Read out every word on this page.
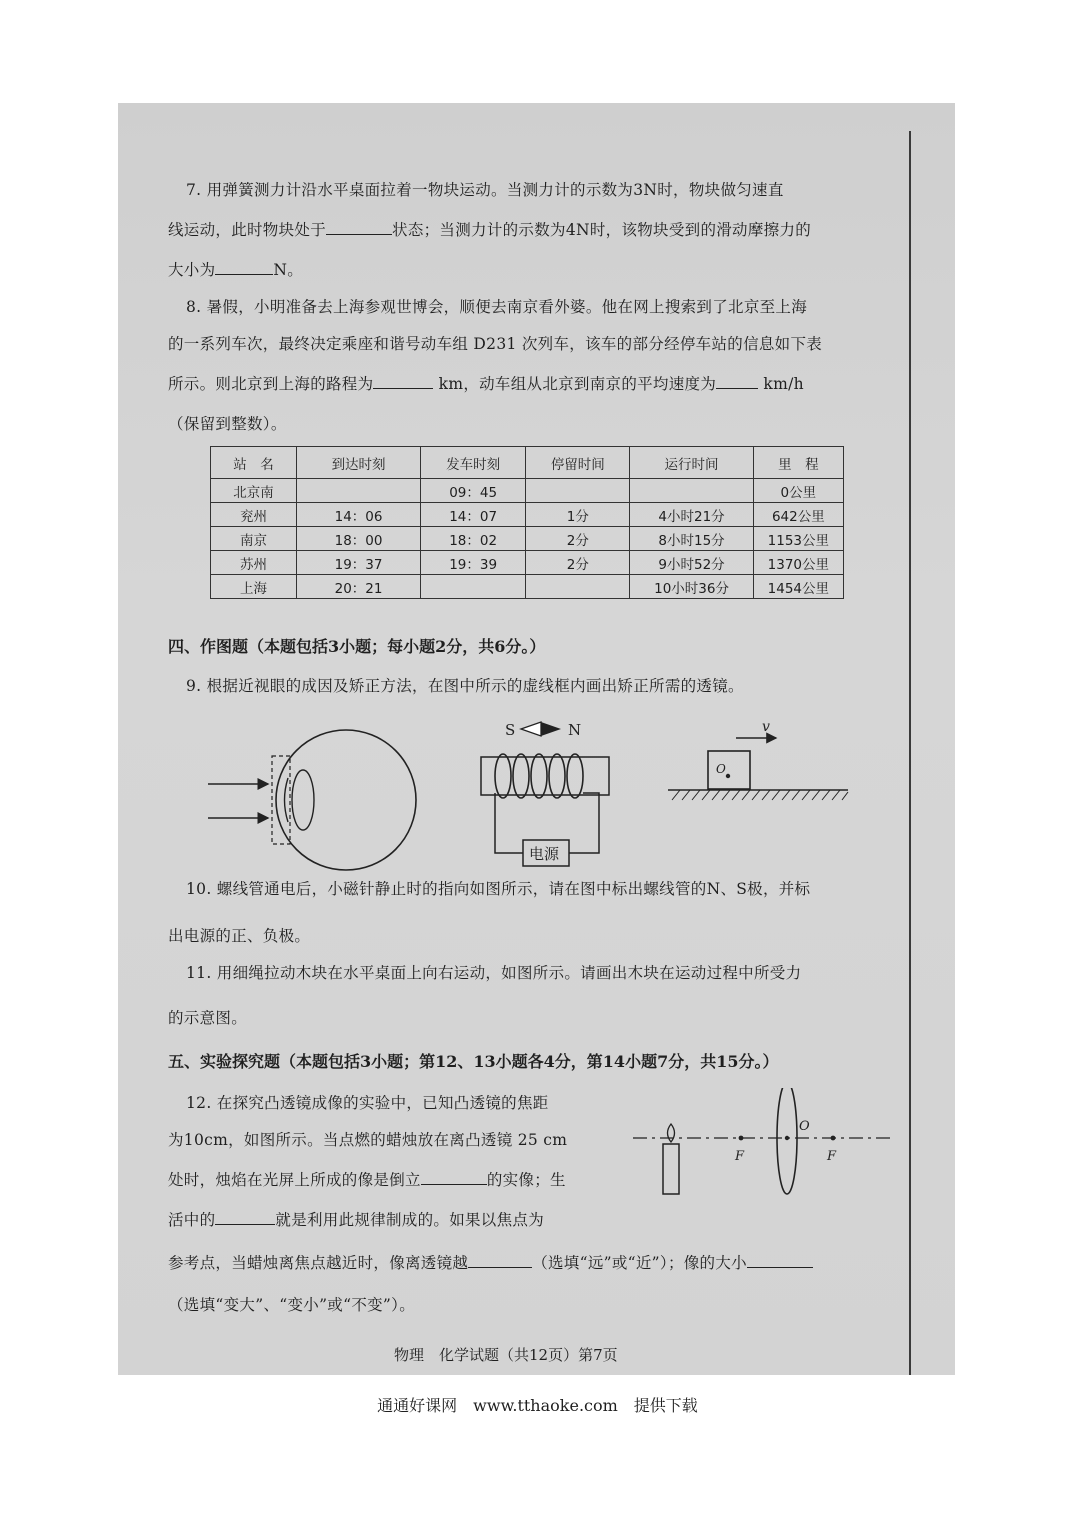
7. 用弹簧测力计沿水平桌面拉着一物块运动。当测力计的示数为3N时，物块做匀速直
线运动，此时物块处于	状态；当测力计的示数为4N时，该物块受到的滑动摩擦力的
大小为	N。
8. 暑假，小明准备去上海参观世博会，顺便去南京看外婆。他在网上搜索到了北京至上海
的一系列车次，最终决定乘座和谐号动车组 D231 次列车，该车的部分经停车站的信息如下表
所示。则北京到上海的路程为	km，动车组从北京到南京的平均速度为	km/h
（保留到整数）。
站　名	到达时刻	发车时刻	停留时间	运行时间	里　程
北京南		09：45			0公里
兖州	14：06	14：07	1分	4小时21分	642公里
南京	18：00	18：02	2分	8小时15分	1153公里
苏州	19：37	19：39	2分	9小时52分	1370公里
上海	20：21			10小时36分	1454公里
四、作图题（本题包括3小题；每小题2分，共6分。）
9. 根据近视眼的成因及矫正方法，在图中所示的虚线框内画出矫正所需的透镜。
S	N
电源
v
O
10. 螺线管通电后，小磁针静止时的指向如图所示，请在图中标出螺线管的N、S极，并标
出电源的正、负极。
11. 用细绳拉动木块在水平桌面上向右运动，如图所示。请画出木块在运动过程中所受力
的示意图。
五、实验探究题（本题包括3小题；第12、13小题各4分，第14小题7分，共15分。）
12. 在探究凸透镜成像的实验中，已知凸透镜的焦距
为10cm，如图所示。当点燃的蜡烛放在离凸透镜 25 cm
处时，烛焰在光屏上所成的像是倒立	的实像；生
活中的	就是利用此规律制成的。如果以焦点为
参考点，当蜡烛离焦点越近时，像离透镜越	（选填“远”或“近”）；像的大小
（选填“变大”、“变小”或“不变”）。
F
O
F
物理　化学试题（共12页）第7页
通通好课网　www.tthaoke.com　提供下载
